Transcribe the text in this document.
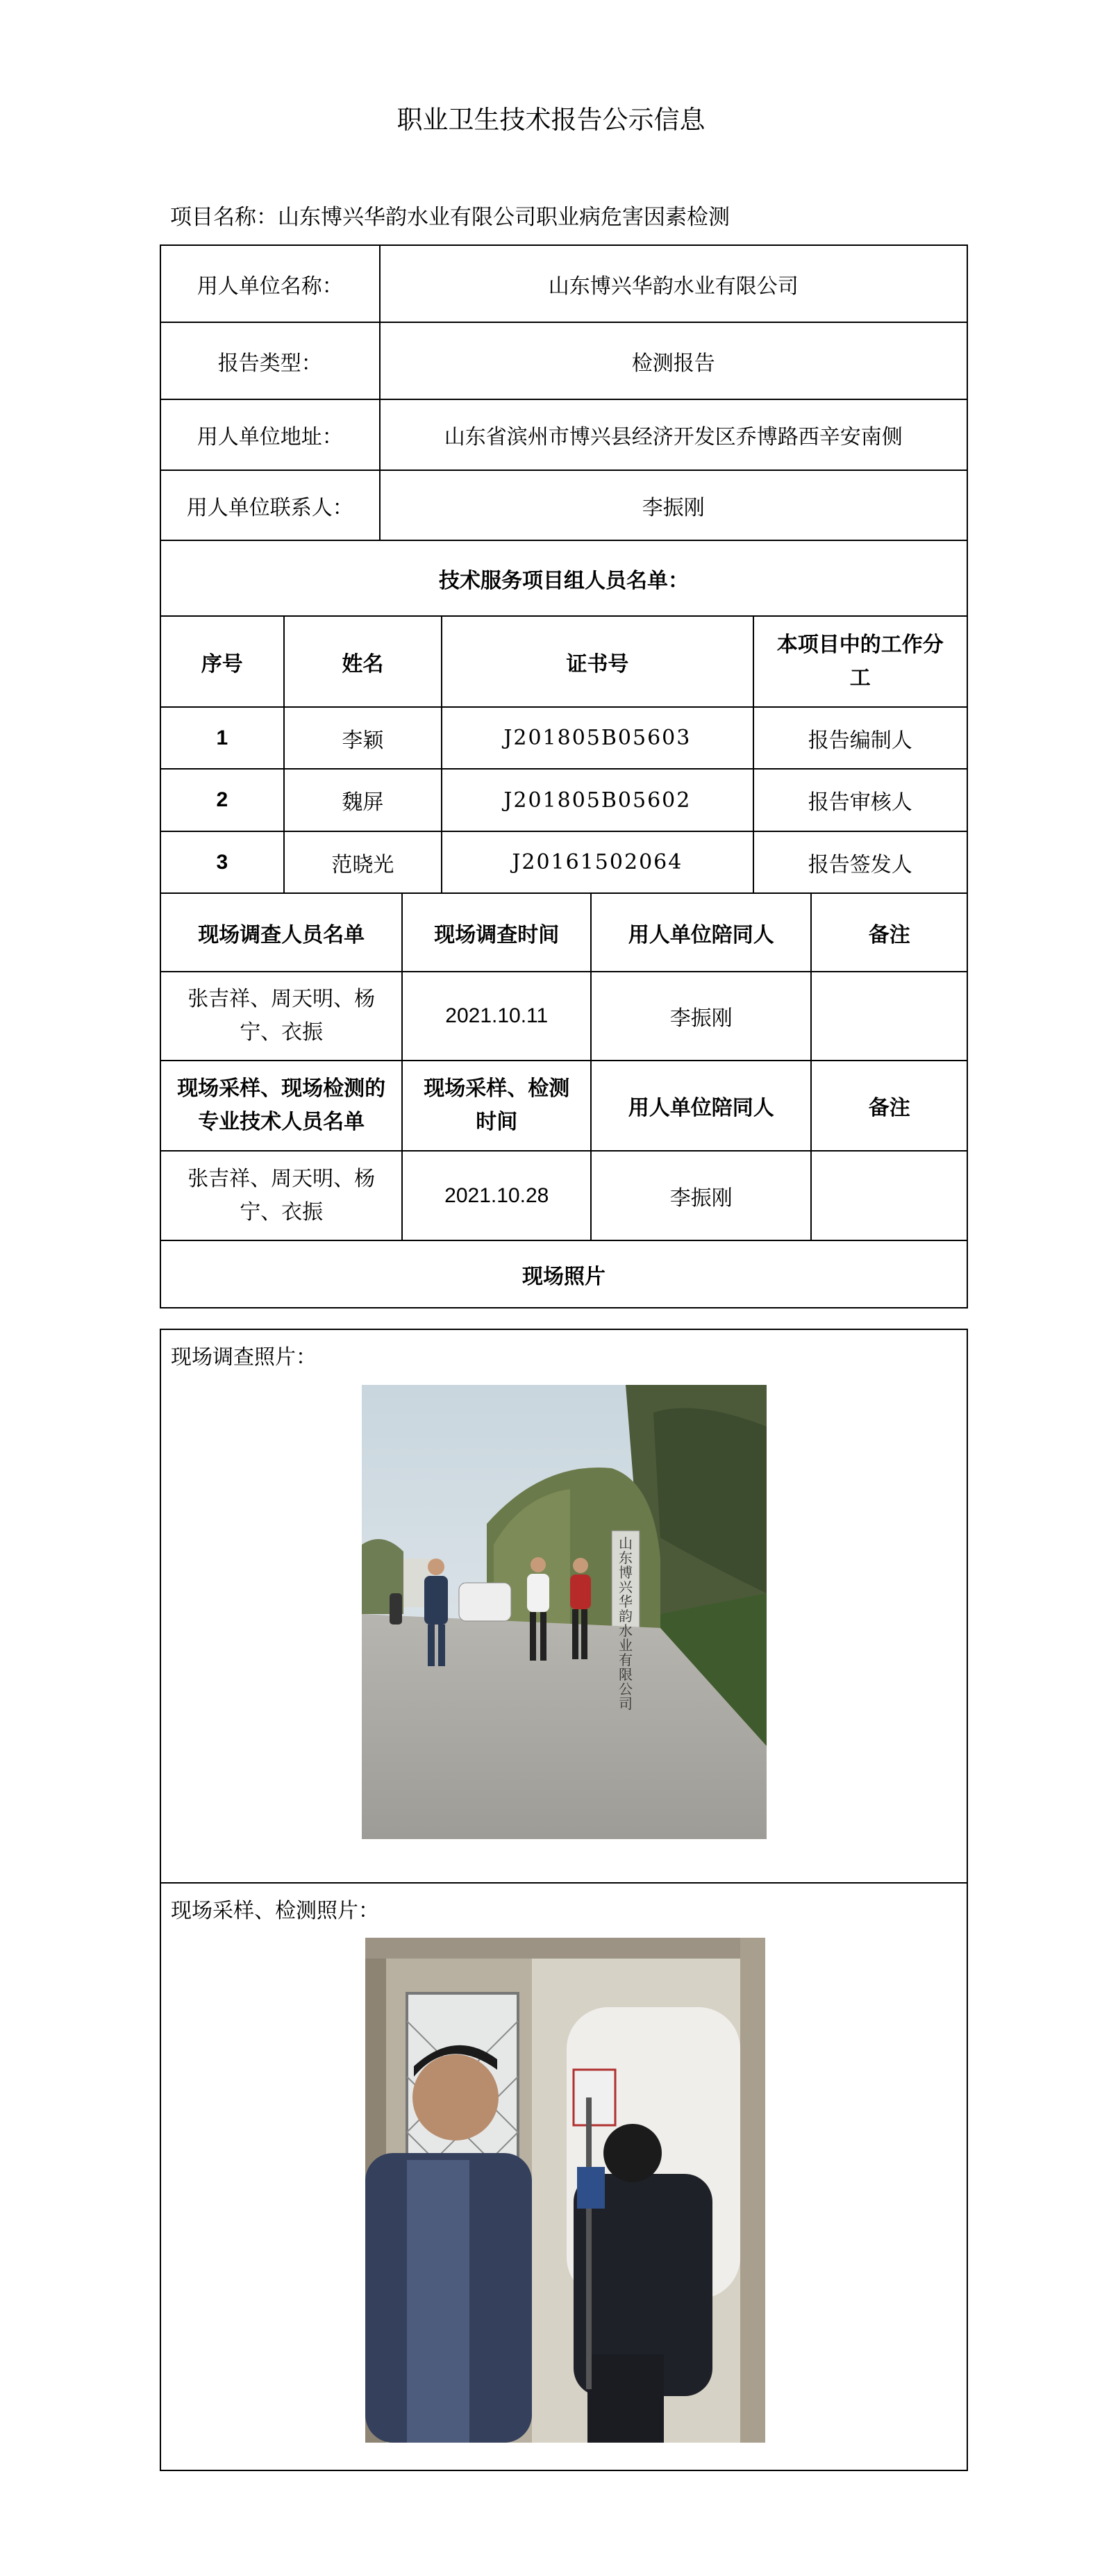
职业卫生技术报告公示信息
项目名称：山东博兴华韵水业有限公司职业病危害因素检测
用人单位名称：	山东博兴华韵水业有限公司
报告类型：	检测报告
用人单位地址：	山东省滨州市博兴县经济开发区乔博路西辛安南侧
用人单位联系人：	李振刚
技术服务项目组人员名单：	
序号	姓名	证书号	本项目中的工作分工
1	李颖	J201805B05603	报告编制人
2	魏屏	J201805B05602	报告审核人
3	范晓光	J20161502064	报告签发人
现场调查人员名单	现场调查时间	用人单位陪同人	备注
张吉祥、周天明、杨宁、衣振	2021.10.11	李振刚	
现场采样、现场检测的专业技术人员名单	现场采样、检测时间	用人单位陪同人	备注
张吉祥、周天明、杨宁、衣振	2021.10.28	李振刚	
现场照片			
现场调查照片：
山东博兴华韵水业有限公司
现场采样、检测照片：
